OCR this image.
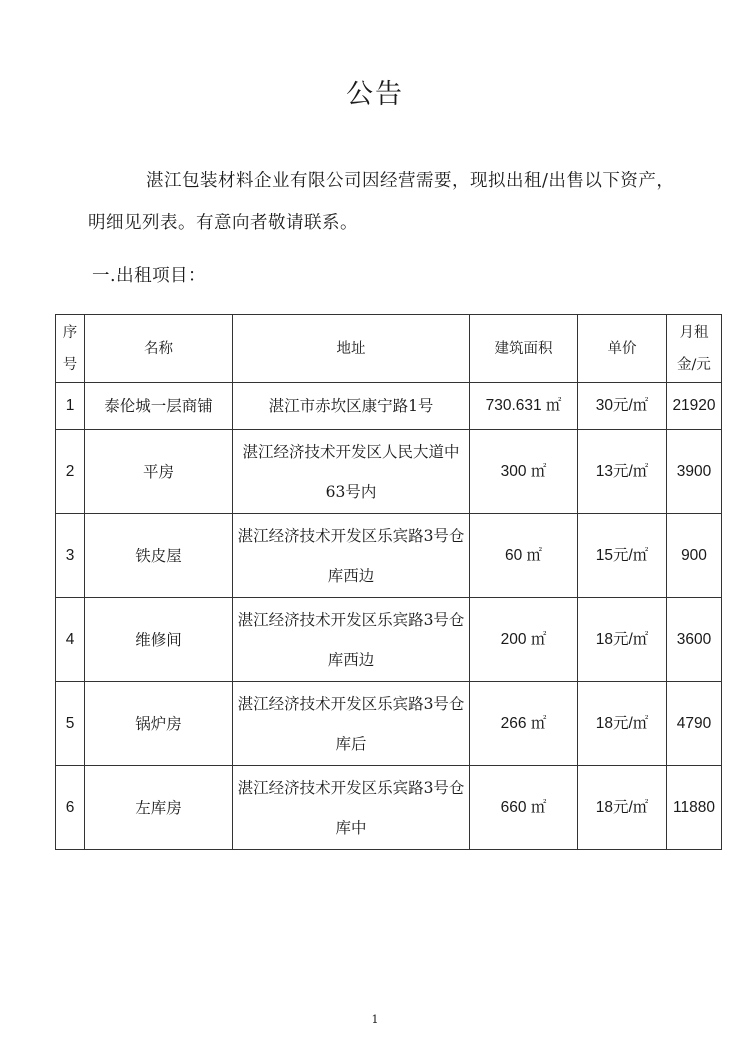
公告
湛江包装材料企业有限公司因经营需要，现拟出租/出售以下资产，明细见列表。有意向者敬请联系。
一.出租项目：
序号	名称	地址	建筑面积	单价	月租金/元
1	泰伦城一层商铺	湛江市赤坎区康宁路1号	730.631 ㎡	30元/㎡	21920
2	平房	湛江经济技术开发区人民大道中63号内	300 ㎡	13元/㎡	3900
3	铁皮屋	湛江经济技术开发区乐宾路3号仓库西边	60 ㎡	15元/㎡	900
4	维修间	湛江经济技术开发区乐宾路3号仓库西边	200 ㎡	18元/㎡	3600
5	锅炉房	湛江经济技术开发区乐宾路3号仓库后	266 ㎡	18元/㎡	4790
6	左库房	湛江经济技术开发区乐宾路3号仓库中	660 ㎡	18元/㎡	11880
1
